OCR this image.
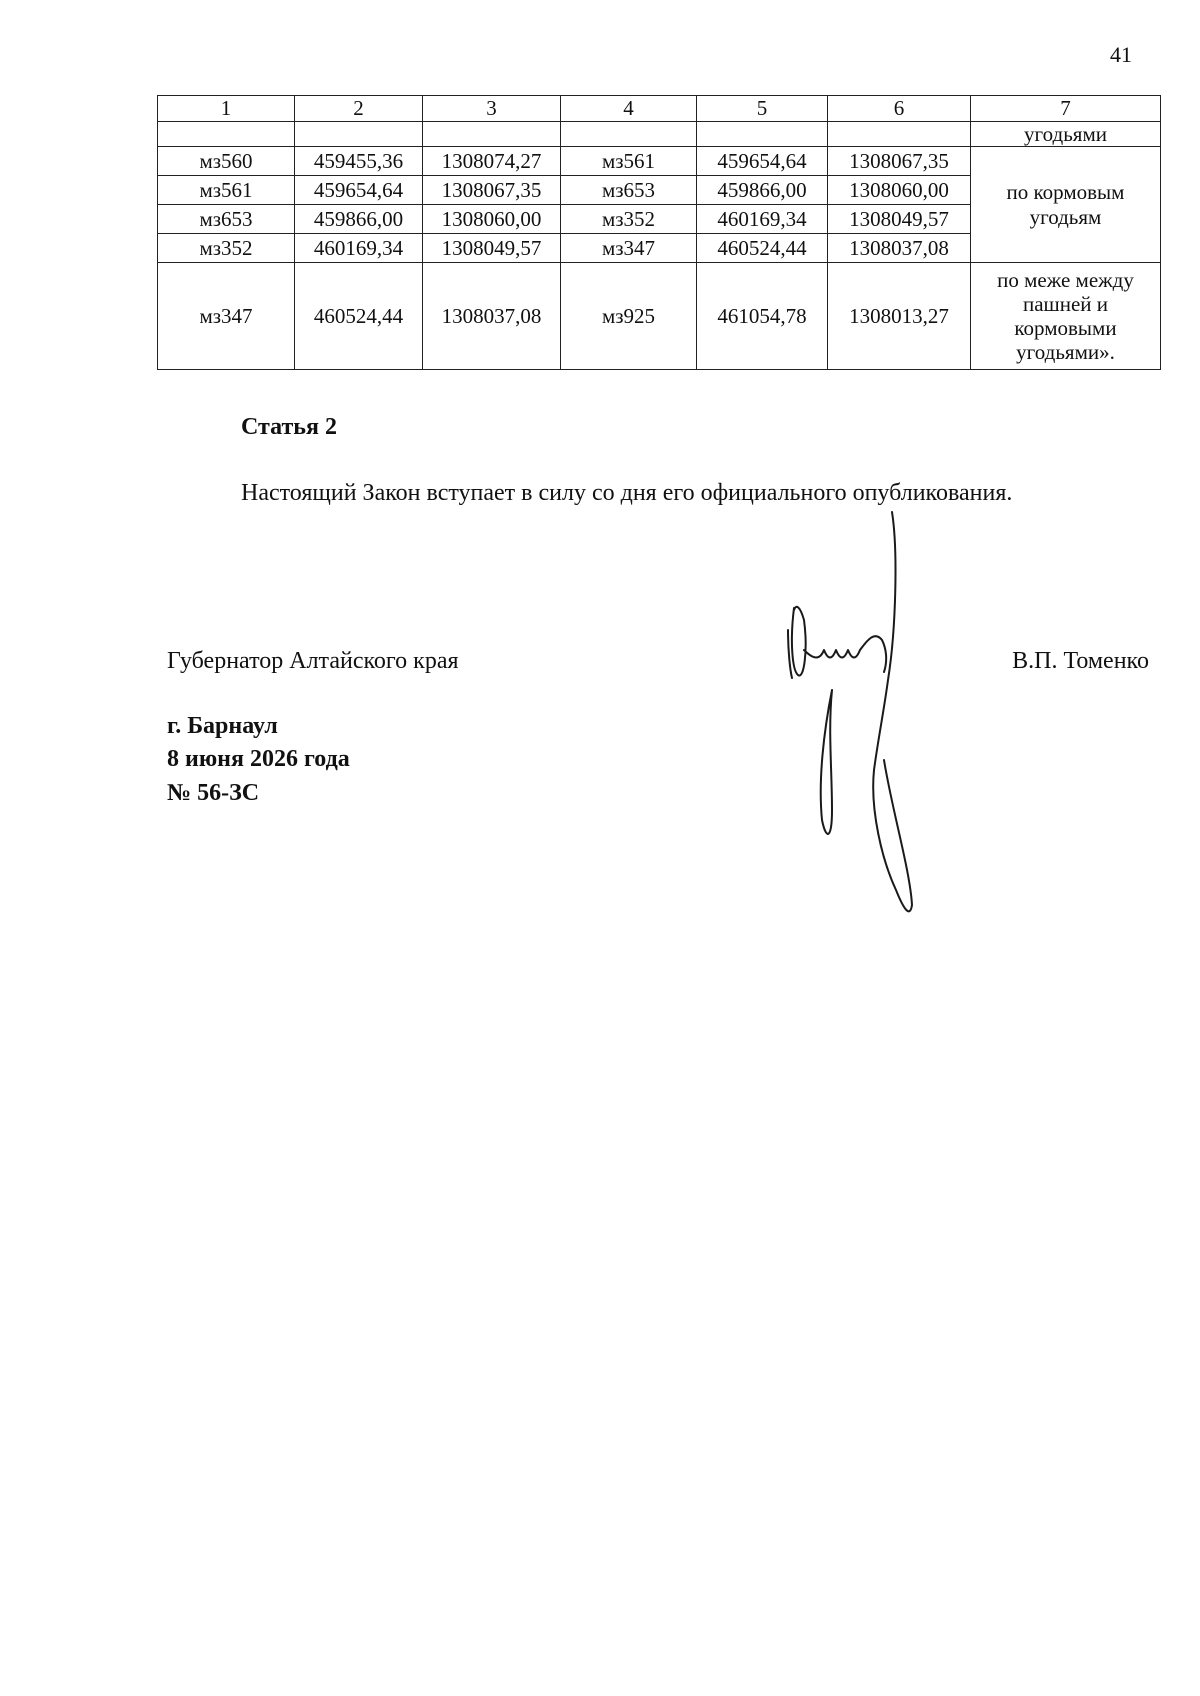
41
1	2	3	4	5	6	7
						угодьями
мз560	459455,36	1308074,27	мз561	459654,64	1308067,35	по кормовым угодьям
мз561	459654,64	1308067,35	мз653	459866,00	1308060,00	
мз653	459866,00	1308060,00	мз352	460169,34	1308049,57	
мз352	460169,34	1308049,57	мз347	460524,44	1308037,08	
мз347	460524,44	1308037,08	мз925	461054,78	1308013,27	по меже между пашней и кормовыми угодьями».
Статья 2
Настоящий Закон вступает в силу со дня его официального опубликования.
Губернатор Алтайского края	В.П. Томенко
г. Барнаул
8 июня 2026 года
№ 56-ЗС
